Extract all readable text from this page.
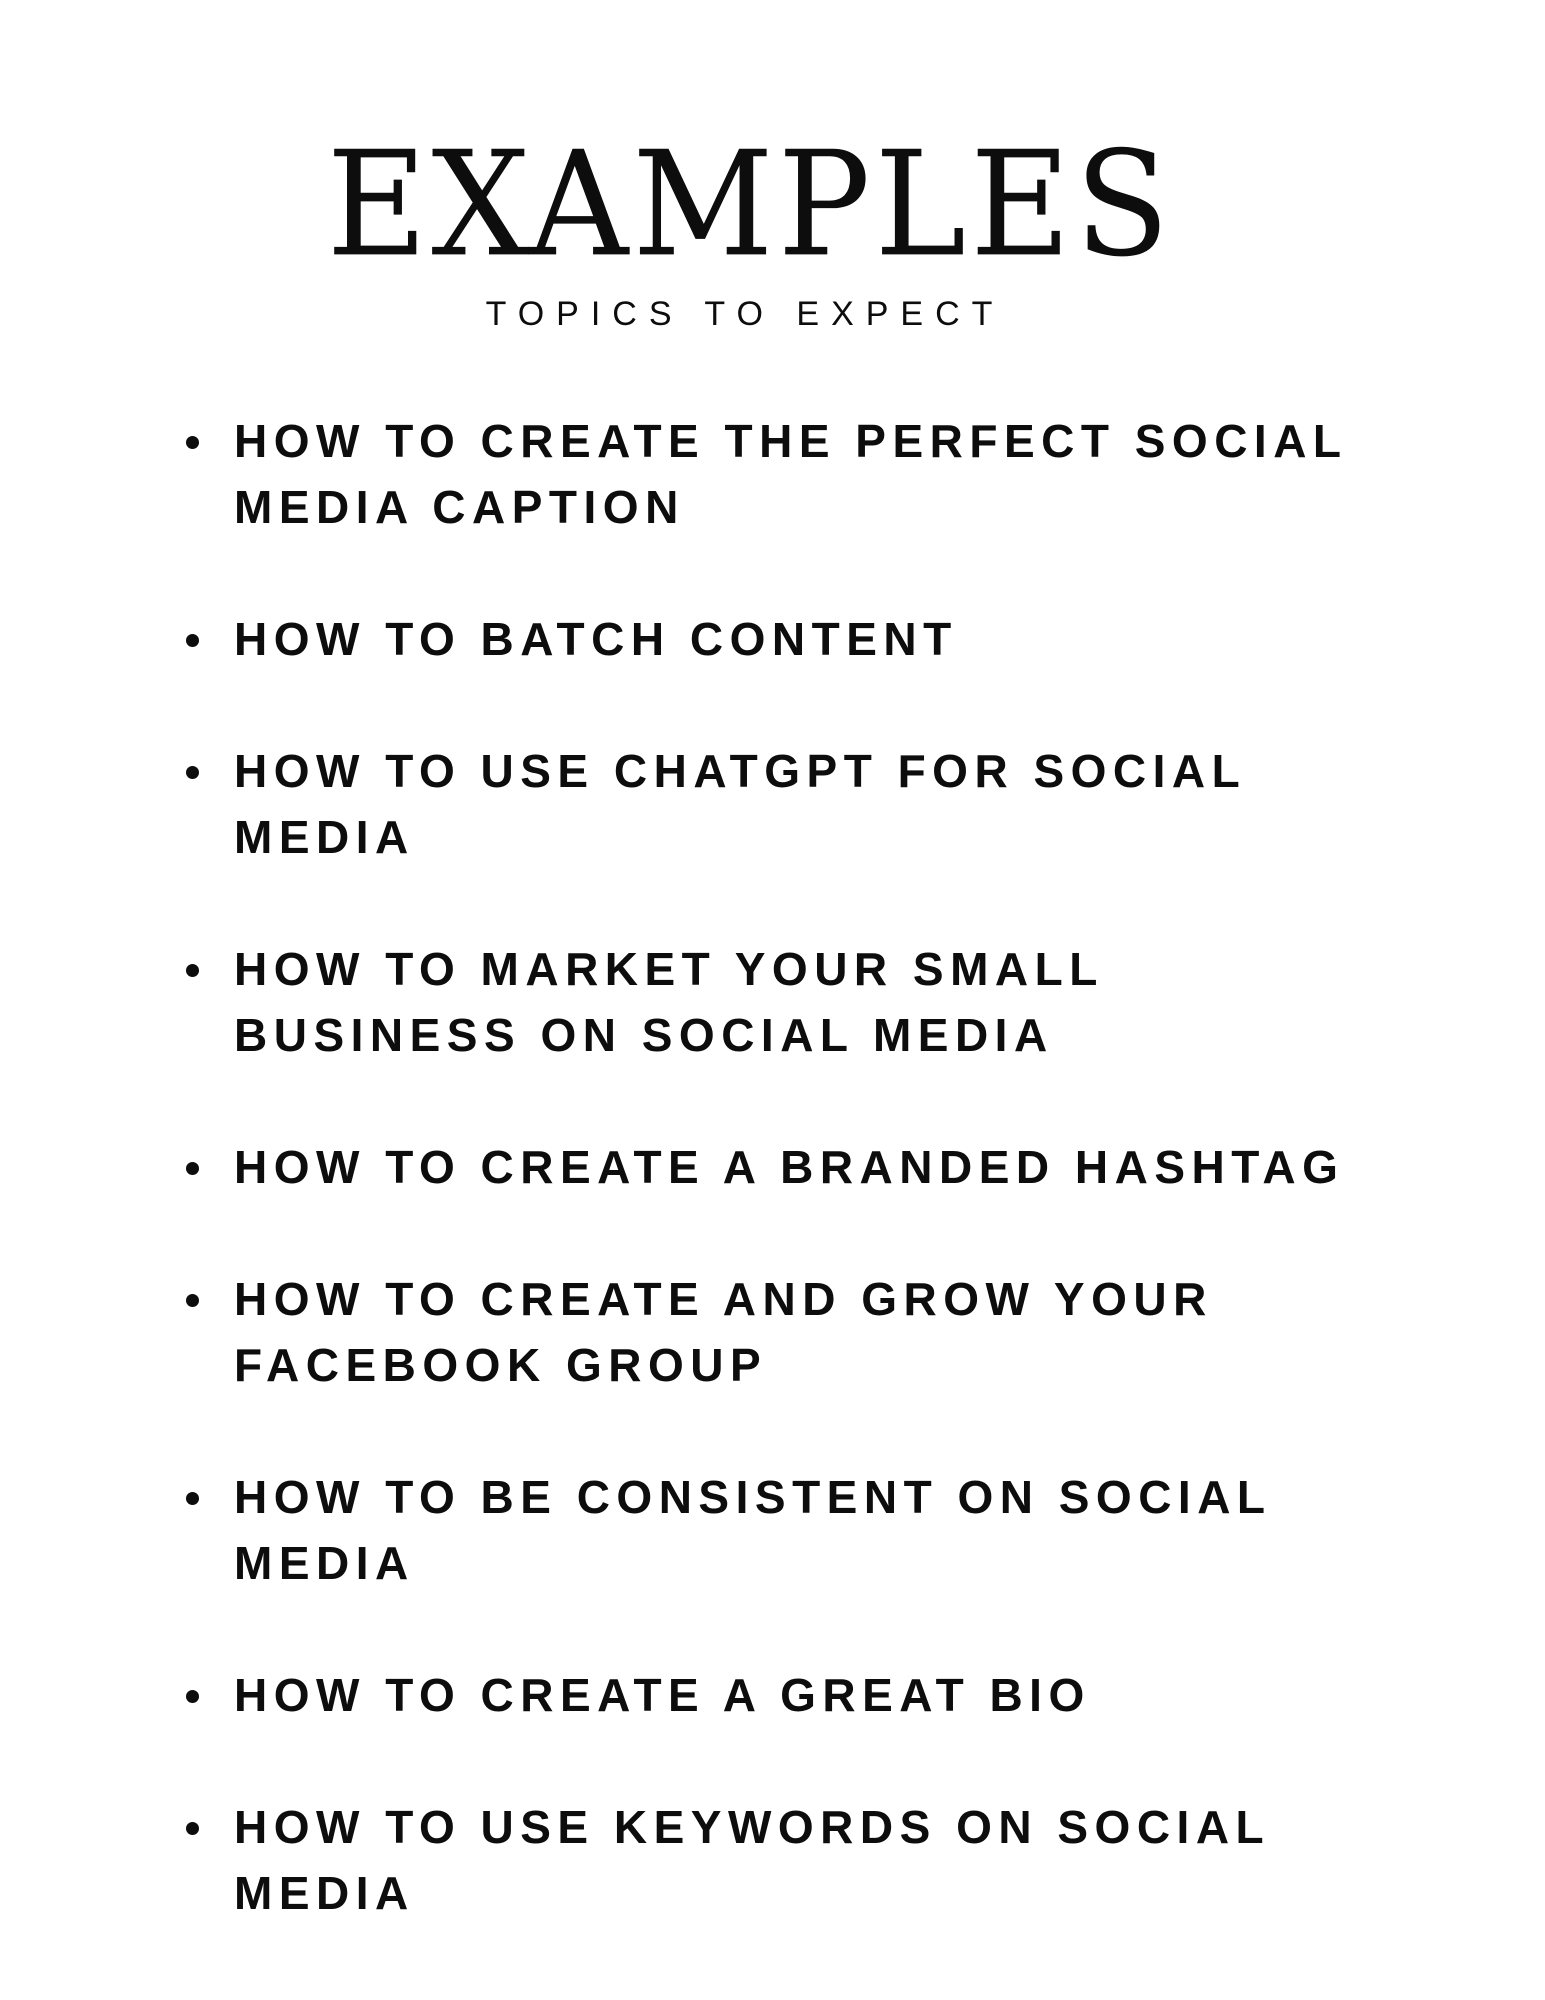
EXAMPLES
TOPICS TO EXPECT
HOW TO CREATE THE PERFECT SOCIAL
MEDIA CAPTION
HOW TO BATCH CONTENT
HOW TO USE CHATGPT FOR SOCIAL
MEDIA
HOW TO MARKET YOUR SMALL
BUSINESS ON SOCIAL MEDIA
HOW TO CREATE A BRANDED HASHTAG
HOW TO CREATE AND GROW YOUR
FACEBOOK GROUP
HOW TO BE CONSISTENT ON SOCIAL
MEDIA
HOW TO CREATE A GREAT BIO
HOW TO USE KEYWORDS ON SOCIAL
MEDIA
